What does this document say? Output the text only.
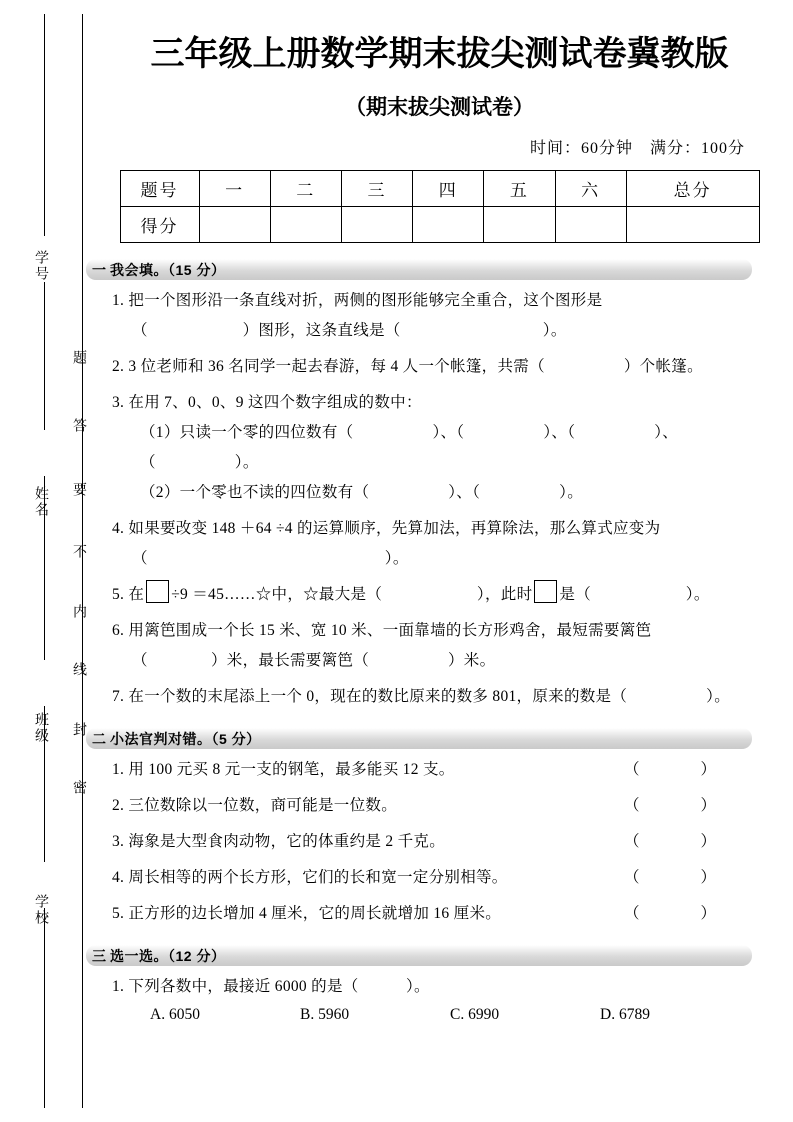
学号
题
答
要
不
内
线
封
密
姓名
班级
学校
三年级上册数学期末拔尖测试卷冀教版
（期末拔尖测试卷）
时间：60分钟　满分：100分
题号	一	二	三	四	五	六	总分
得分							
一 我会填。（15 分）
1. 把一个图形沿一条直线对折，两侧的图形能够完全重合，这个图形是
（　　　　　　）图形，这条直线是（　　　　　　　　　）。
2. 3 位老师和 36 名同学一起去春游，每 4 人一个帐篷，共需（　　　　　）个帐篷。
3. 在用 7、0、0、9 这四个数字组成的数中：
（1）只读一个零的四位数有（　　　　　）、（　　　　　）、（　　　　　）、（　　　　　）。
（2）一个零也不读的四位数有（　　　　　）、（　　　　　）。
4. 如果要改变 148 ＋64 ÷4 的运算顺序，先算加法，再算除法，那么算式应变为
（　　　　　　　　　　　　　　　）。
5. 在 ÷9 ＝45……☆中，☆最大是（　　　　　　），此时 是（　　　　　　）。
6. 用篱笆围成一个长 15 米、宽 10 米、一面靠墙的长方形鸡舍，最短需要篱笆
（　　　　）米，最长需要篱笆（　　　　　）米。
7. 在一个数的末尾添上一个 0，现在的数比原来的数多 801，原来的数是（　　　　　）。
二 小法官判对错。（5 分）
1. 用 100 元买 8 元一支的钢笔，最多能买 12 支。	（　　）
2. 三位数除以一位数，商可能是一位数。	（　　）
3. 海象是大型食肉动物，它的体重约是 2 千克。	（　　）
4. 周长相等的两个长方形，它们的长和宽一定分别相等。	（　　）
5. 正方形的边长增加 4 厘米，它的周长就增加 16 厘米。	（　　）
三 选一选。（12 分）
1. 下列各数中，最接近 6000 的是（　　　）。
A. 6050	B. 5960	C. 6990	D. 6789
